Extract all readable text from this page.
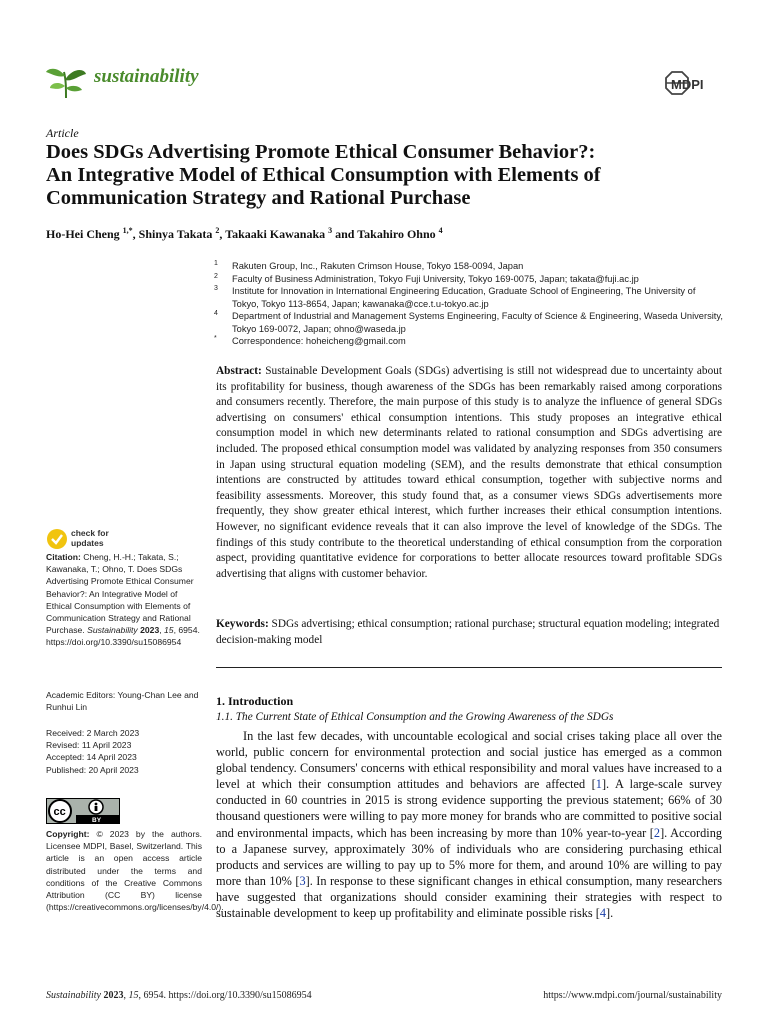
sustainability	MDPI
Article
Does SDGs Advertising Promote Ethical Consumer Behavior?:
An Integrative Model of Ethical Consumption with Elements of
Communication Strategy and Rational Purchase
Ho-Hei Cheng $^{1,*}$, Shinya Takata $^2$, Takaaki Kawanaka $^3$ and Takahiro Ohno $^4$
1 Rakuten Group, Inc., Rakuten Crimson House, Tokyo 158-0094, Japan
2 Faculty of Business Administration, Tokyo Fuji University, Tokyo 169-0075, Japan; takata@fuji.ac.jp
3 Institute for Innovation in International Engineering Education, Graduate School of Engineering, The University of Tokyo, Tokyo 113-8654, Japan; kawanaka@cce.t.u-tokyo.ac.jp
4 Department of Industrial and Management Systems Engineering, Faculty of Science & Engineering, Waseda University, Tokyo 169-0072, Japan; ohno@waseda.jp
* Correspondence: hoheicheng@gmail.com
Abstract: Sustainable Development Goals (SDGs) advertising is still not widespread due to uncertainty about its profitability for business, though awareness of the SDGs has been remarkably raised among corporations and consumers recently. Therefore, the main purpose of this study is to analyze the influence of general SDGs advertising on consumers' ethical consumption intentions. This study proposes an integrative ethical consumption model in which new determinants related to rational consumption and SDGs advertising are included. The proposed ethical consumption model was validated by analyzing responses from 350 consumers in Japan using structural equation modeling (SEM), and the results demonstrate that ethical consumption intentions are constructed by attitudes toward ethical consumption, together with subjective norms and feasibility assessments. Moreover, this study found that, as a consumer views SDGs advertisements more frequently, they show greater ethical interest, which further increases their ethical consumption intentions. However, no significant evidence reveals that it can also improve the level of knowledge of the SDGs. The findings of this study contribute to the theoretical understanding of ethical consumption from the corporation aspect, providing quantitative evidence for corporations to better allocate resources toward profitable SDGs advertising that aligns with customer behavior.
Keywords: SDGs advertising; ethical consumption; rational purchase; structural equation modeling; integrated decision-making model
1. Introduction
1.1. The Current State of Ethical Consumption and the Growing Awareness of the SDGs
In the last few decades, with uncountable ecological and social crises taking place all over the world, public concern for environmental protection and social justice has emerged as a common global tendency. Consumers' concerns with ethical responsibility and moral values have increased to a level at which their consumption attitudes and behaviors are affected [1]. A large-scale survey conducted in 60 countries in 2015 is strong evidence supporting the previous statement; 66% of 30 thousand questioners were willing to pay more money for brands who are committed to positive social and environmental impacts, which has been increasing by more than 10% year-to-year [2]. According to a Japanese survey, approximately 30% of individuals who are considering purchasing ethical products and services are willing to pay up to 5% more for them, and around 10% are willing to pay more than 10% [3]. In response to these significant changes in ethical consumption, many researchers have suggested that organizations should consider examining their strategies with respect to sustainable development to keep up profitability and eliminate possible risks [4].
check for
updates
Citation: Cheng, H.-H.; Takata, S.; Kawanaka, T.; Ohno, T. Does SDGs Advertising Promote Ethical Consumer Behavior?: An Integrative Model of Ethical Consumption with Elements of Communication Strategy and Rational Purchase. Sustainability 2023, 15, 6954. https://doi.org/10.3390/su15086954
Academic Editors: Young-Chan Lee and Runhui Lin
Received: 2 March 2023
Revised: 11 April 2023
Accepted: 14 April 2023
Published: 20 April 2023
cc
BY
Copyright: © 2023 by the authors. Licensee MDPI, Basel, Switzerland. This article is an open access article distributed under the terms and conditions of the Creative Commons Attribution (CC BY) license (https://creativecommons.org/licenses/by/4.0/).
Sustainability 2023, 15, 6954. https://doi.org/10.3390/su15086954	https://www.mdpi.com/journal/sustainability
